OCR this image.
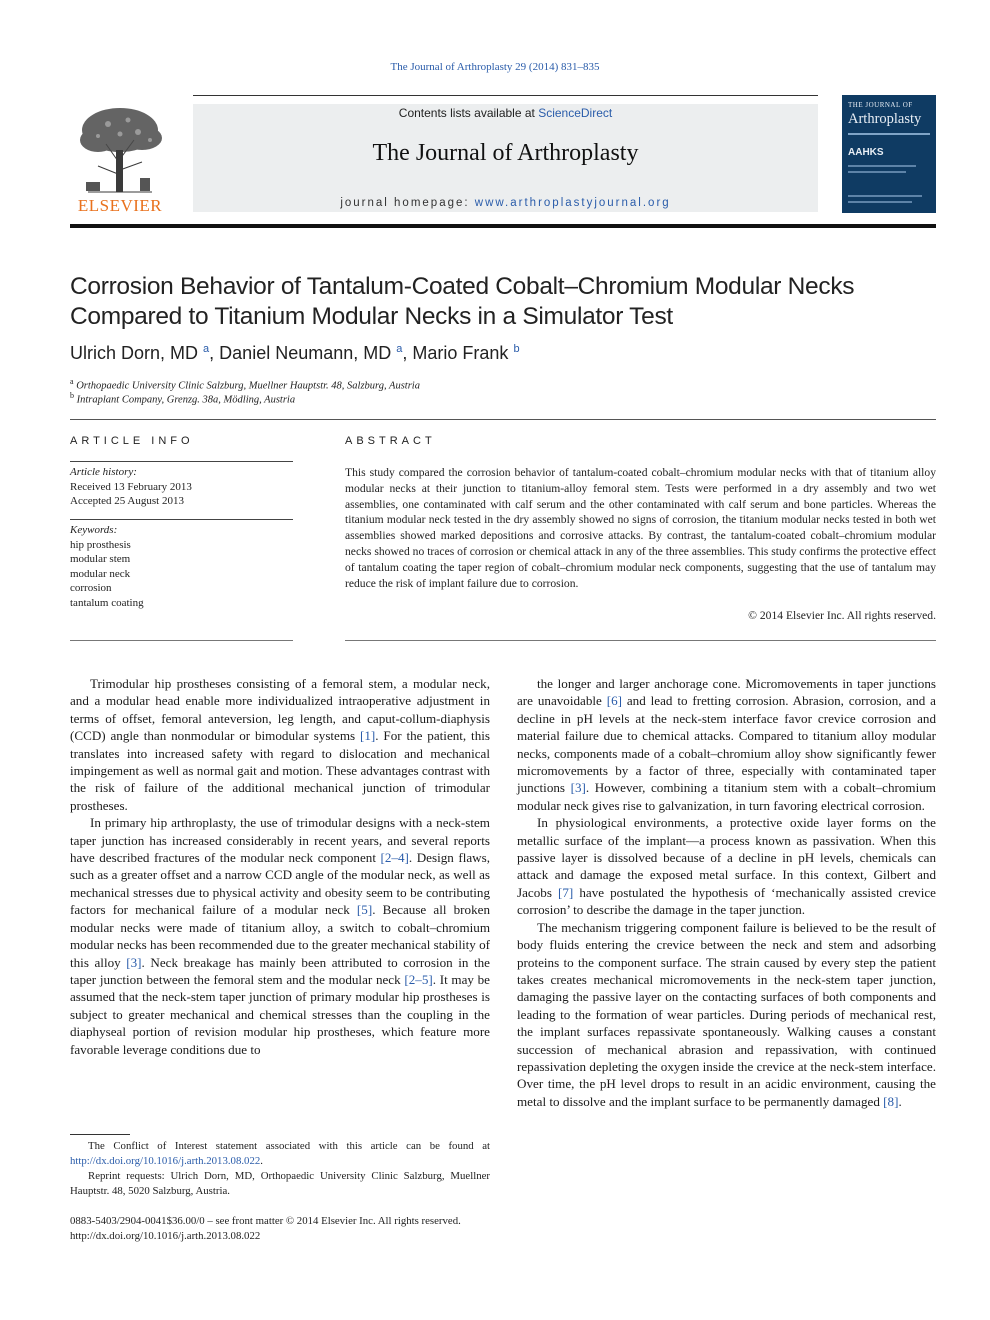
The Journal of Arthroplasty 29 (2014) 831–835
ELSEVIER
Contents lists available at ScienceDirect
The Journal of Arthroplasty
journal homepage: www.arthroplastyjournal.org
THE JOURNAL OF
Arthroplasty
AAHKS
Corrosion Behavior of Tantalum-Coated Cobalt–Chromium Modular Necks Compared to Titanium Modular Necks in a Simulator Test
Ulrich Dorn, MD $^a$, Daniel Neumann, MD $^a$, Mario Frank $^b$
$^a$ Orthopaedic University Clinic Salzburg, Muellner Hauptstr. 48, Salzburg, Austria
$^b$ Intraplant Company, Grenzg. 38a, Mödling, Austria
ARTICLE INFO
Article history:
Received 13 February 2013
Accepted 25 August 2013
Keywords:
hip prosthesis
modular stem
modular neck
corrosion
tantalum coating
ABSTRACT
This study compared the corrosion behavior of tantalum-coated cobalt–chromium modular necks with that of titanium alloy modular necks at their junction to titanium-alloy femoral stem. Tests were performed in a dry assembly and two wet assemblies, one contaminated with calf serum and the other contaminated with calf serum and bone particles. Whereas the titanium modular neck tested in the dry assembly showed no signs of corrosion, the titanium modular necks tested in both wet assemblies showed marked depositions and corrosive attacks. By contrast, the tantalum-coated cobalt–chromium modular necks showed no traces of corrosion or chemical attack in any of the three assemblies. This study confirms the protective effect of tantalum coating the taper region of cobalt–chromium modular neck components, suggesting that the use of tantalum may reduce the risk of implant failure due to corrosion.
© 2014 Elsevier Inc. All rights reserved.

Trimodular hip prostheses consisting of a femoral stem, a modular neck, and a modular head enable more individualized intraoperative adjustment in terms of offset, femoral anteversion, leg length, and caput-collum-diaphysis (CCD) angle than nonmodular or bimodular systems [1]. For the patient, this translates into increased safety with regard to dislocation and mechanical impingement as well as normal gait and motion. These advantages contrast with the risk of failure of the additional mechanical junction of trimodular prostheses.

In primary hip arthroplasty, the use of trimodular designs with a neck-stem taper junction has increased considerably in recent years, and several reports have described fractures of the modular neck component [2–4]. Design flaws, such as a greater offset and a narrow CCD angle of the modular neck, as well as mechanical stresses due to physical activity and obesity seem to be contributing factors for mechanical failure of a modular neck [5]. Because all broken modular necks were made of titanium alloy, a switch to cobalt–chromium modular necks has been recommended due to the greater mechanical stability of this alloy [3]. Neck breakage has mainly been attributed to corrosion in the taper junction between the femoral stem and the modular neck [2–5]. It may be assumed that the neck-stem taper junction of primary modular hip prostheses is subject to greater mechanical and chemical stresses than the coupling in the diaphyseal portion of revision modular hip prostheses, which feature more favorable leverage conditions due to

the longer and larger anchorage cone. Micromovements in taper junctions are unavoidable [6] and lead to fretting corrosion. Abrasion, corrosion, and a decline in pH levels at the neck-stem interface favor crevice corrosion and material failure due to chemical attacks. Compared to titanium alloy modular necks, components made of a cobalt–chromium alloy show significantly fewer micromovements by a factor of three, especially with contaminated taper junctions [3]. However, combining a titanium stem with a cobalt–chromium modular neck gives rise to galvanization, in turn favoring electrical corrosion.

In physiological environments, a protective oxide layer forms on the metallic surface of the implant—a process known as passivation. When this passive layer is dissolved because of a decline in pH levels, chemicals can attack and damage the exposed metal surface. In this context, Gilbert and Jacobs [7] have postulated the hypothesis of ‘mechanically assisted crevice corrosion’ to describe the damage in the taper junction.

The mechanism triggering component failure is believed to be the result of body fluids entering the crevice between the neck and stem and adsorbing proteins to the component surface. The strain caused by every step the patient takes creates mechanical micromovements in the neck-stem taper junction, damaging the passive layer on the contacting surfaces of both components and leading to the formation of wear particles. During periods of mechanical rest, the implant surfaces repassivate spontaneously. Walking causes a constant succession of mechanical abrasion and repassivation, with continued repassivation depleting the oxygen inside the crevice at the neck-stem interface. Over time, the pH level drops to result in an acidic environment, causing the metal to dissolve and the implant surface to be permanently damaged [8].

The Conflict of Interest statement associated with this article can be found at http://dx.doi.org/10.1016/j.arth.2013.08.022.

Reprint requests: Ulrich Dorn, MD, Orthopaedic University Clinic Salzburg, Muellner Hauptstr. 48, 5020 Salzburg, Austria.

0883-5403/2904-0041$36.00/0 – see front matter © 2014 Elsevier Inc. All rights reserved.
http://dx.doi.org/10.1016/j.arth.2013.08.022
